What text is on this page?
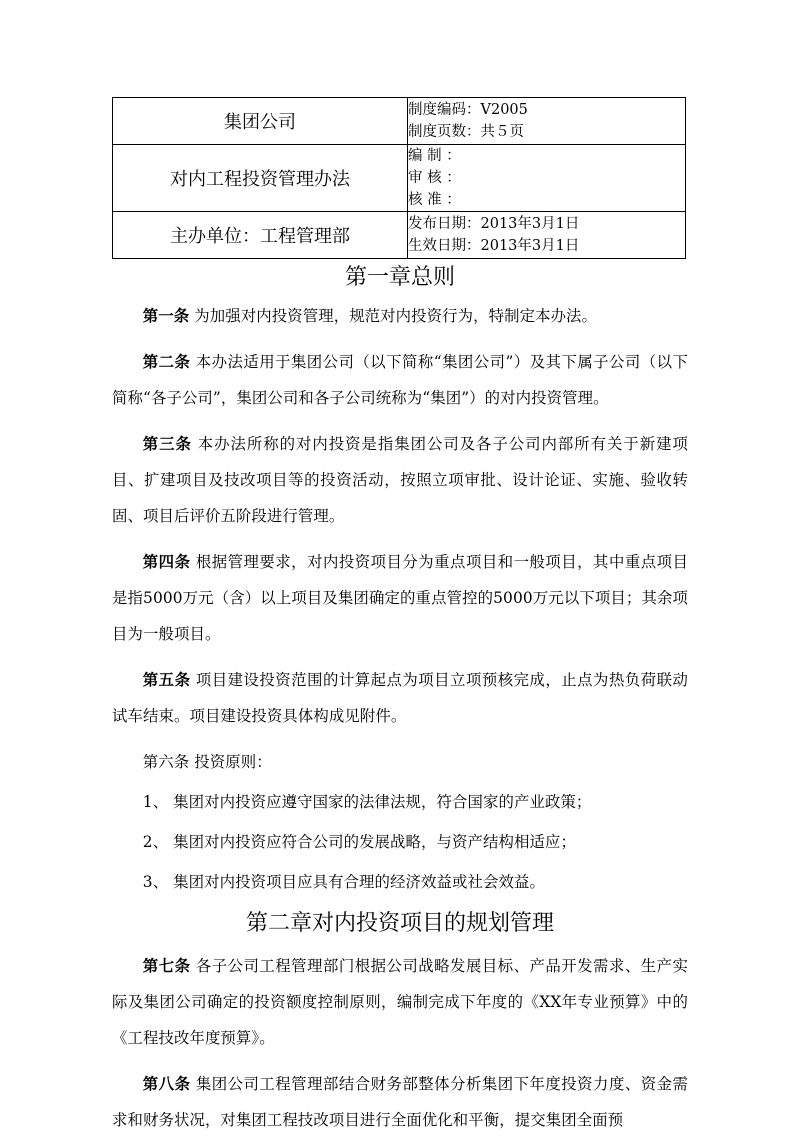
集团公司	制度编码：V2005
制度页数：共５页

对内工程投资管理办法	编 制 ：
审 核 ：
核 准 ：

主办单位：工程管理部	发布日期：2013年3月1日
生效日期：2013年3月1日
第一章总则

第一条 为加强对内投资管理，规范对内投资行为，特制定本办法。

第二条 本办法适用于集团公司（以下简称“集团公司”）及其下属子公司（以下简称“各子公司”，集团公司和各子公司统称为“集团”）的对内投资管理。

第三条 本办法所称的对内投资是指集团公司及各子公司内部所有关于新建项目、扩建项目及技改项目等的投资活动，按照立项审批、设计论证、实施、验收转固、项目后评价五阶段进行管理。

第四条 根据管理要求，对内投资项目分为重点项目和一般项目，其中重点项目是指5000万元（含）以上项目及集团确定的重点管控的5000万元以下项目；其余项目为一般项目。

第五条 项目建设投资范围的计算起点为项目立项预核完成，止点为热负荷联动试车结束。项目建设投资具体构成见附件。

第六条 投资原则：

1、 集团对内投资应遵守国家的法律法规，符合国家的产业政策；

2、 集团对内投资应符合公司的发展战略，与资产结构相适应；

3、 集团对内投资项目应具有合理的经济效益或社会效益。

第二章对内投资项目的规划管理

第七条 各子公司工程管理部门根据公司战略发展目标、产品开发需求、生产实际及集团公司确定的投资额度控制原则，编制完成下年度的《XX年专业预算》中的《工程技改年度预算》。

第八条 集团公司工程管理部结合财务部整体分析集团下年度投资力度、资金需求和财务状况，对集团工程技改项目进行全面优化和平衡，提交集团全面预
